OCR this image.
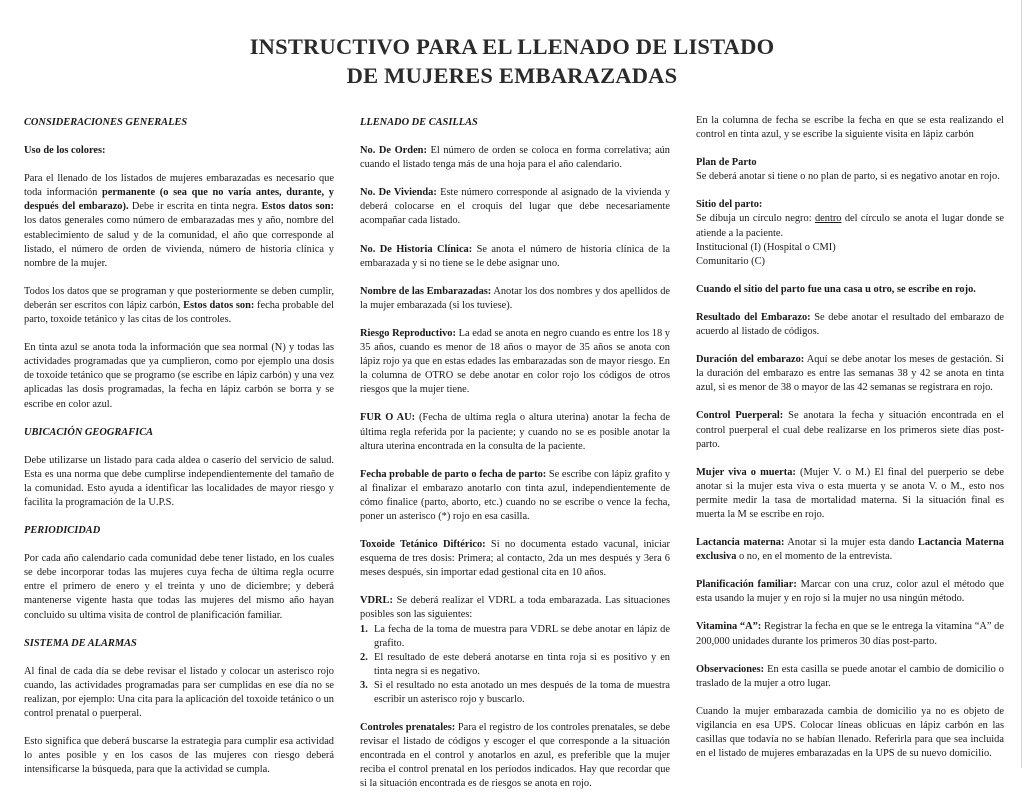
INSTRUCTIVO PARA EL LLENADO DE LISTADO
DE MUJERES EMBARAZADAS
CONSIDERACIONES GENERALES
Uso de los colores:

Para el llenado de los listados de mujeres embarazadas es necesario que toda información permanente (o sea que no varía antes, durante, y después del embarazo). Debe ir escrita en tinta negra. Estos datos son: los datos generales como número de embarazadas mes y año, nombre del establecimiento de salud y de la comunidad, el año que corresponde al listado, el número de orden de vivienda, número de historia clínica y nombre de la mujer.

Todos los datos que se programan y que posteriormente se deben cumplir, deberán ser escritos con lápiz carbón, Estos datos son: fecha probable del parto, toxoide tetánico y las citas de los controles.

En tinta azul se anota toda la información que sea normal (N) y todas las actividades programadas que ya cumplieron, como por ejemplo una dosis de toxoide tetánico que se programo (se escribe en lápiz carbón) y una vez aplicadas las dosis programadas, la fecha en lápiz carbón se borra y se escribe en color azul.

UBICACIÓN GEOGRAFICA

Debe utilizarse un listado para cada aldea o caserío del servicio de salud. Esta es una norma que debe cumplirse independientemente del tamaño de la comunidad. Esto ayuda a identificar las localidades de mayor riesgo y facilita la programación de la U.P.S.

PERIODICIDAD

Por cada año calendario cada comunidad debe tener listado, en los cuales se debe incorporar todas las mujeres cuya fecha de última regla ocurre entre el primero de enero y el treinta y uno de diciembre; y deberá mantenerse vigente hasta que todas las mujeres del mismo año hayan concluido su ultima visita de control de planificación familiar.

SISTEMA DE ALARMAS

Al final de cada día se debe revisar el listado y colocar un asterisco rojo cuando, las actividades programadas para ser cumplidas en ese día no se realizan, por ejemplo: Una cita para la aplicación del toxoide tetánico o un control prenatal o puerperal.

Esto significa que deberá buscarse la estrategia para cumplir esa actividad lo antes posible y en los casos de las mujeres con riesgo deberá intensificarse la búsqueda, para que la actividad se cumpla.

LLENADO DE CASILLAS

No. De Orden: El número de orden se coloca en forma correlativa; aún cuando el listado tenga más de una hoja para el año calendario.

No. De Vivienda: Este número corresponde al asignado de la vivienda y deberá colocarse en el croquis del lugar que debe necesariamente acompañar cada listado.

No. De Historia Clínica: Se anota el número de historia clínica de la embarazada y si no tiene se le debe asignar uno.

Nombre de las Embarazadas: Anotar los dos nombres y dos apellidos de la mujer embarazada (si los tuviese).

Riesgo Reproductivo: La edad se anota en negro cuando es entre los 18 y 35 años, cuando es menor de 18 años o mayor de 35 años se anota con lápiz rojo ya que en estas edades las embarazadas son de mayor riesgo. En la columna de OTRO se debe anotar en color rojo los códigos de otros riesgos que la mujer tiene.

FUR O AU: (Fecha de ultima regla o altura uterina) anotar la fecha de última regla referida por la paciente; y cuando no se es posible anotar la altura uterina encontrada en la consulta de la paciente.

Fecha probable de parto o fecha de parto: Se escribe con lápiz grafito y al finalizar el embarazo anotarlo con tinta azul, independientemente de cómo finalice (parto, aborto, etc.) cuando no se escribe o vence la fecha, poner un asterisco (*) rojo en esa casilla.

Toxoide Tetánico Diftérico: Si no documenta estado vacunal, iniciar esquema de tres dosis: Primera; al contacto, 2da un mes después y 3era 6 meses después, sin importar edad gestional cita en 10 años.

VDRL: Se deberá realizar el VDRL a toda embarazada. Las situaciones posibles son las siguientes:

1. La fecha de la toma de muestra para VDRL se debe anotar en lápiz de grafito.
2. El resultado de este deberá anotarse en tinta roja si es positivo y en tinta negra si es negativo.
3. Si el resultado no esta anotado un mes después de la toma de muestra escribir un asterisco rojo y buscarlo.

Controles prenatales: Para el registro de los controles prenatales, se debe revisar el listado de códigos y escoger el que corresponde a la situación encontrada en el control y anotarlos en azul, es preferible que la mujer reciba el control prenatal en los períodos indicados. Hay que recordar que si la situación encontrada es de riesgos se anota en rojo.

En la columna de fecha se escribe la fecha en que se esta realizando el control en tinta azul, y se escribe la siguiente visita en lápiz carbón

Plan de Parto

Se deberá anotar si tiene o no plan de parto, si es negativo anotar en rojo.

Sitio del parto:
Se dibuja un círculo negro: dentro del círculo se anota el lugar donde se atiende a la paciente.
Institucional (I) (Hospital o CMI)

Comunitario (C)

Cuando el sitio del parto fue una casa u otro, se escribe en rojo.

Resultado del Embarazo: Se debe anotar el resultado del embarazo de acuerdo al listado de códigos.

Duración del embarazo: Aquí se debe anotar los meses de gestación. Si la duración del embarazo es entre las semanas 38 y 42 se anota en tinta azul, si es menor de 38 o mayor de las 42 semanas se registrara en rojo.

Control Puerperal: Se anotara la fecha y situación encontrada en el control puerperal el cual debe realizarse en los primeros siete días post-parto.

Mujer viva o muerta: (Mujer V. o M.) El final del puerperio se debe anotar si la mujer esta viva o esta muerta y se anota V. o M., esto nos permite medir la tasa de mortalidad materna. Si la situación final es muerta la M se escribe en rojo.

Lactancia materna: Anotar si la mujer esta dando Lactancia Materna exclusiva o no, en el momento de la entrevista.

Planificación familiar: Marcar con una cruz, color azul el método que esta usando la mujer y en rojo si la mujer no usa ningún método.

Vitamina “A”: Registrar la fecha en que se le entrega la vitamina “A” de 200,000 unidades durante los primeros 30 días post-parto.

Observaciones: En esta casilla se puede anotar el cambio de domicilio o traslado de la mujer a otro lugar.

Cuando la mujer embarazada cambia de domicilio ya no es objeto de vigilancia en esa UPS. Colocar líneas oblicuas en lápiz carbón en las casillas que todavía no se habían llenado. Referirla para que sea incluida en el listado de mujeres embarazadas en la UPS de su nuevo domicilio.
